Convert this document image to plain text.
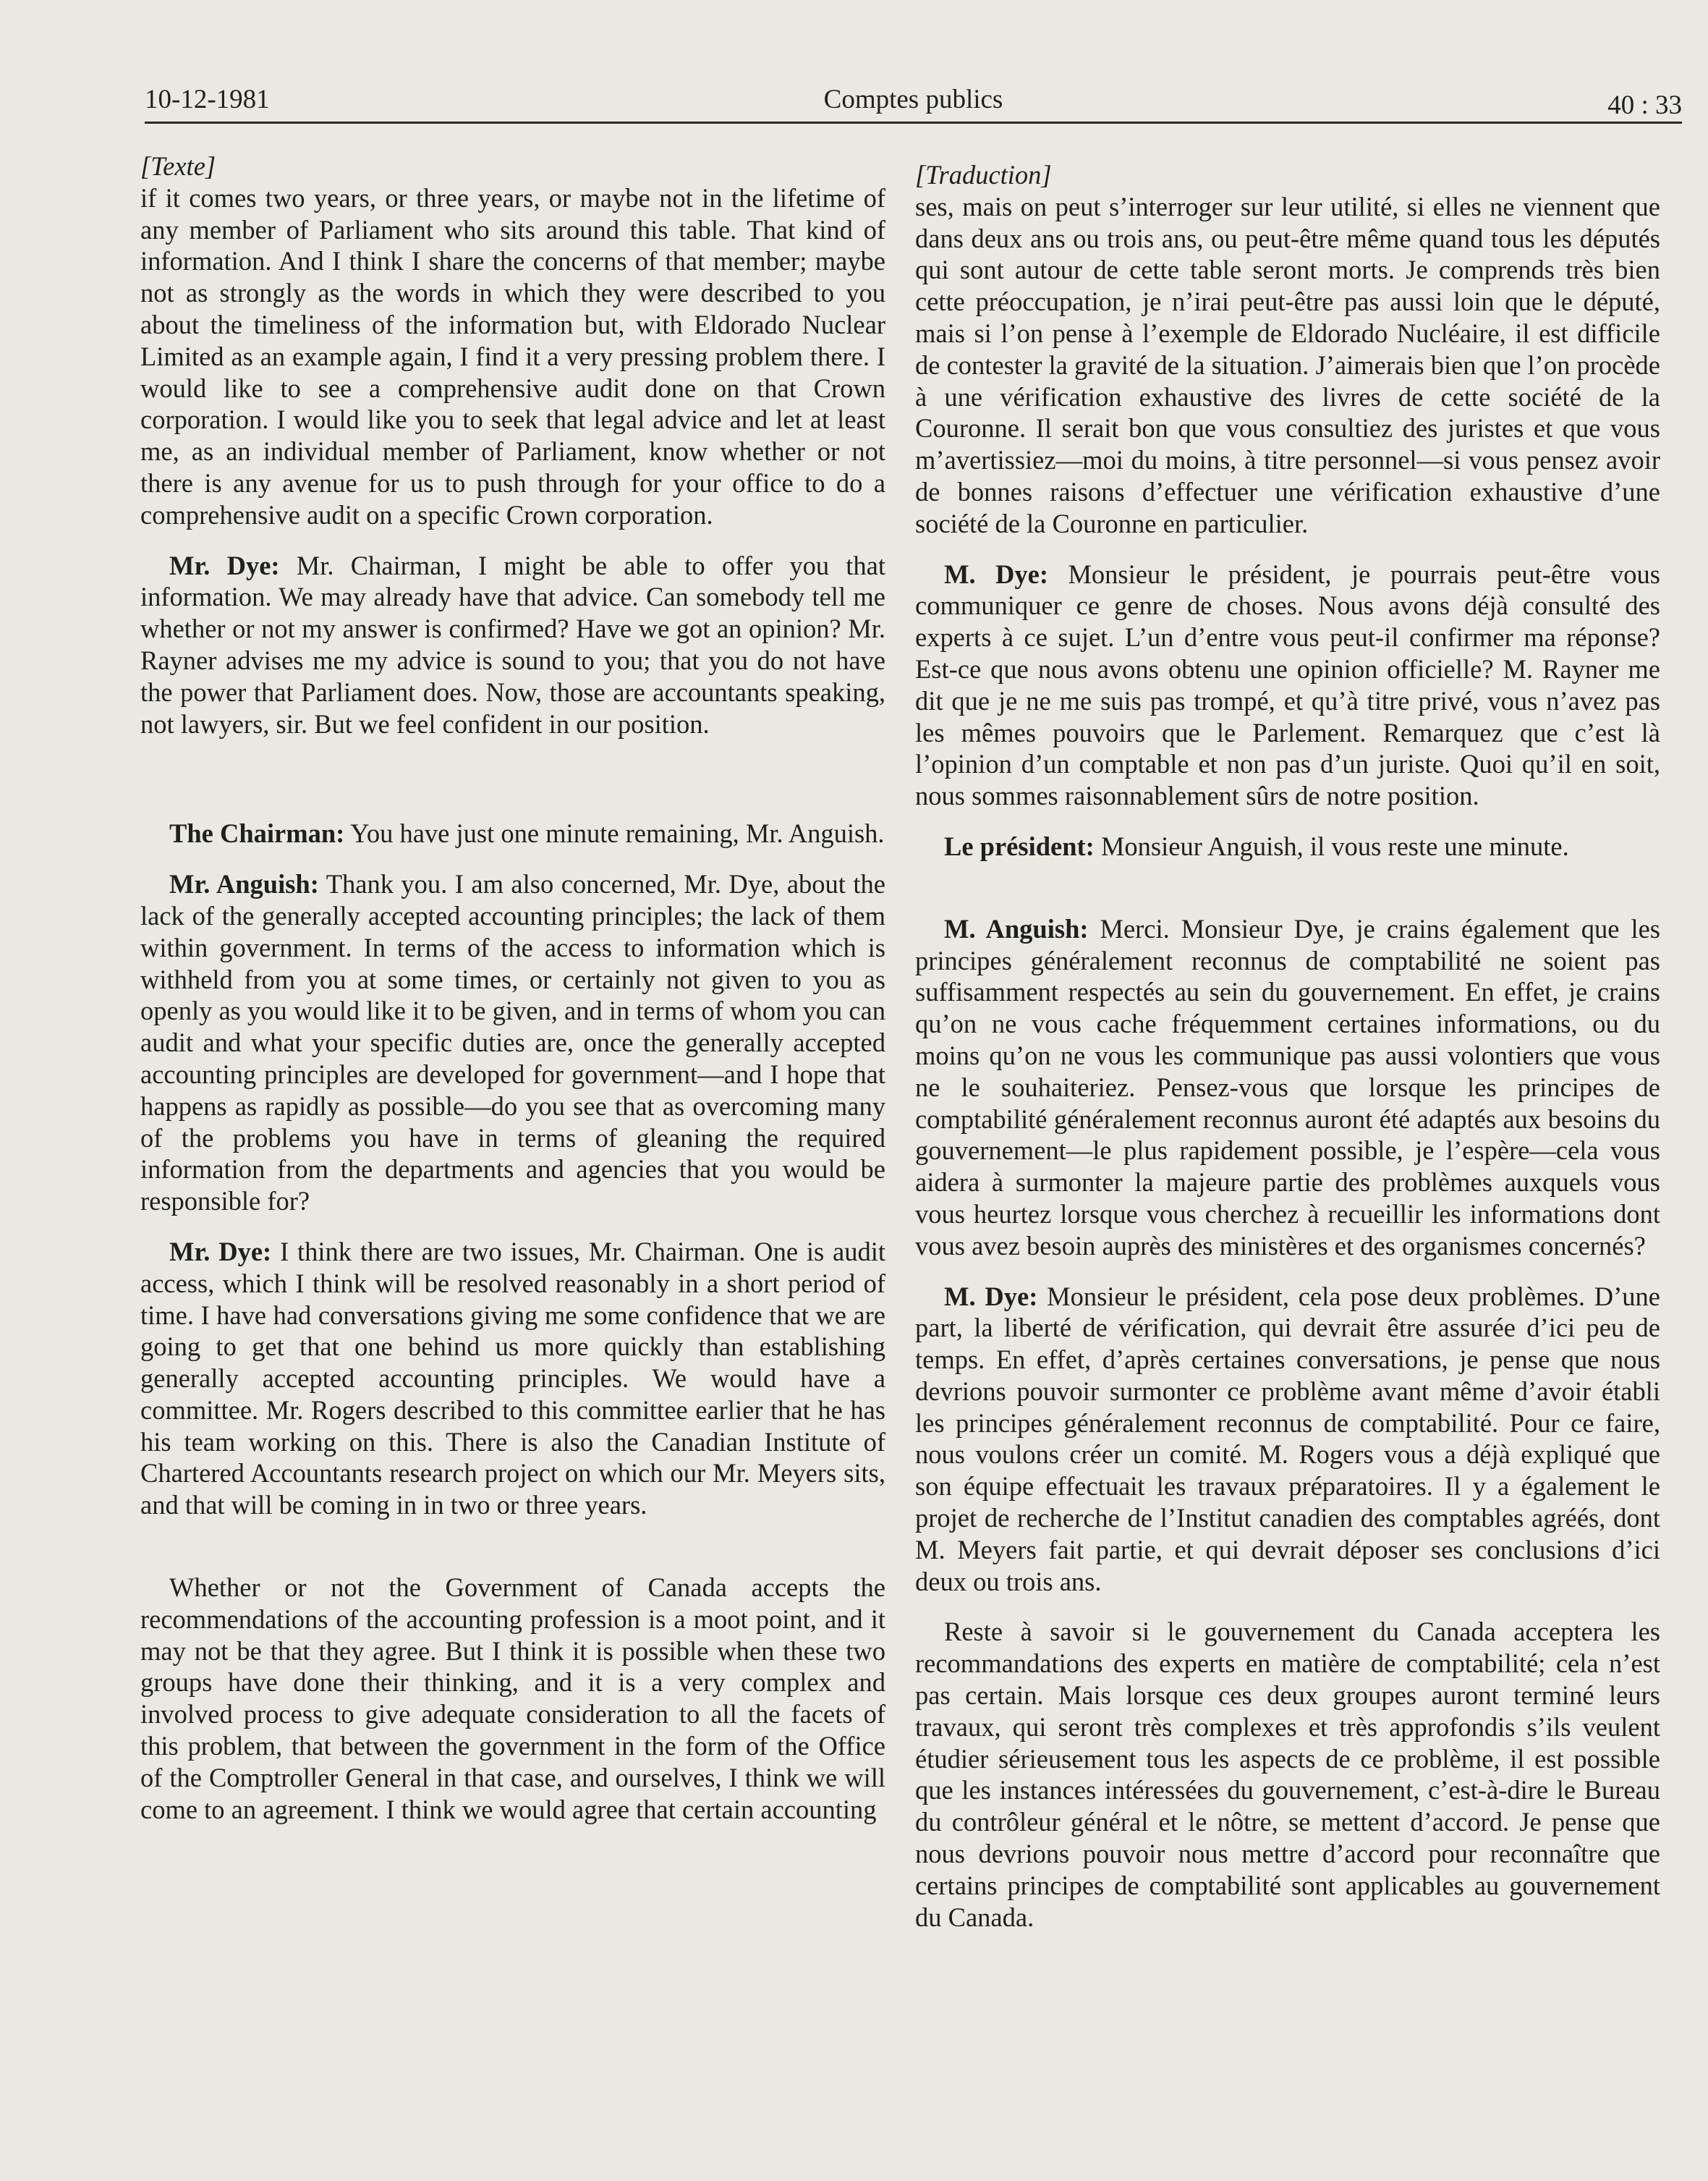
10-12-1981	Comptes publics	40 : 33
[Texte]

if it comes two years, or three years, or maybe not in the lifetime of any member of Parliament who sits around this table. That kind of information. And I think I share the concerns of that member; maybe not as strongly as the words in which they were described to you about the timeliness of the information but, with Eldorado Nuclear Limited as an example again, I find it a very pressing problem there. I would like to see a comprehensive audit done on that Crown corporation. I would like you to seek that legal advice and let at least me, as an individual member of Parliament, know whether or not there is any avenue for us to push through for your office to do a comprehensive audit on a specific Crown corporation.

Mr. Dye: Mr. Chairman, I might be able to offer you that information. We may already have that advice. Can somebody tell me whether or not my answer is confirmed? Have we got an opinion? Mr. Rayner advises me my advice is sound to you; that you do not have the power that Parliament does. Now, those are accountants speaking, not lawyers, sir. But we feel confident in our position.

The Chairman: You have just one minute remaining, Mr. Anguish.

Mr. Anguish: Thank you. I am also concerned, Mr. Dye, about the lack of the generally accepted accounting principles; the lack of them within government. In terms of the access to information which is withheld from you at some times, or certainly not given to you as openly as you would like it to be given, and in terms of whom you can audit and what your specific duties are, once the generally accepted accounting principles are developed for government—and I hope that happens as rapidly as possible—do you see that as overcoming many of the problems you have in terms of gleaning the required information from the departments and agencies that you would be responsible for?

Mr. Dye: I think there are two issues, Mr. Chairman. One is audit access, which I think will be resolved reasonably in a short period of time. I have had conversations giving me some confidence that we are going to get that one behind us more quickly than establishing generally accepted accounting principles. We would have a committee. Mr. Rogers described to this committee earlier that he has his team working on this. There is also the Canadian Institute of Chartered Accountants research project on which our Mr. Meyers sits, and that will be coming in in two or three years.

Whether or not the Government of Canada accepts the recommendations of the accounting profession is a moot point, and it may not be that they agree. But I think it is possible when these two groups have done their thinking, and it is a very complex and involved process to give adequate consideration to all the facets of this problem, that between the government in the form of the Office of the Comptroller General in that case, and ourselves, I think we will come to an agreement. I think we would agree that certain accounting

[Traduction]

ses, mais on peut s’interroger sur leur utilité, si elles ne viennent que dans deux ans ou trois ans, ou peut-être même quand tous les députés qui sont autour de cette table seront morts. Je comprends très bien cette préoccupation, je n’irai peut-être pas aussi loin que le député, mais si l’on pense à l’exemple de Eldorado Nucléaire, il est difficile de contester la gravité de la situation. J’aimerais bien que l’on procède à une vérification exhaustive des livres de cette société de la Couronne. Il serait bon que vous consultiez des juristes et que vous m’avertissiez—moi du moins, à titre personnel—si vous pensez avoir de bonnes raisons d’effectuer une vérification exhaustive d’une société de la Couronne en particulier.

M. Dye: Monsieur le président, je pourrais peut-être vous communiquer ce genre de choses. Nous avons déjà consulté des experts à ce sujet. L’un d’entre vous peut-il confirmer ma réponse? Est-ce que nous avons obtenu une opinion officielle? M. Rayner me dit que je ne me suis pas trompé, et qu’à titre privé, vous n’avez pas les mêmes pouvoirs que le Parlement. Remarquez que c’est là l’opinion d’un comptable et non pas d’un juriste. Quoi qu’il en soit, nous sommes raisonnablement sûrs de notre position.

Le président: Monsieur Anguish, il vous reste une minute.

M. Anguish: Merci. Monsieur Dye, je crains également que les principes généralement reconnus de comptabilité ne soient pas suffisamment respectés au sein du gouvernement. En effet, je crains qu’on ne vous cache fréquemment certaines informations, ou du moins qu’on ne vous les communique pas aussi volontiers que vous ne le souhaiteriez. Pensez-vous que lorsque les principes de comptabilité généralement reconnus auront été adaptés aux besoins du gouvernement—le plus rapidement possible, je l’espère—cela vous aidera à surmonter la majeure partie des problèmes auxquels vous vous heurtez lorsque vous cherchez à recueillir les informations dont vous avez besoin auprès des ministères et des organismes concernés?

M. Dye: Monsieur le président, cela pose deux problèmes. D’une part, la liberté de vérification, qui devrait être assurée d’ici peu de temps. En effet, d’après certaines conversations, je pense que nous devrions pouvoir surmonter ce problème avant même d’avoir établi les principes généralement reconnus de comptabilité. Pour ce faire, nous voulons créer un comité. M. Rogers vous a déjà expliqué que son équipe effectuait les travaux préparatoires. Il y a également le projet de recherche de l’Institut canadien des comptables agréés, dont M. Meyers fait partie, et qui devrait déposer ses conclusions d’ici deux ou trois ans.

Reste à savoir si le gouvernement du Canada acceptera les recommandations des experts en matière de comptabilité; cela n’est pas certain. Mais lorsque ces deux groupes auront terminé leurs travaux, qui seront très complexes et très approfondis s’ils veulent étudier sérieusement tous les aspects de ce problème, il est possible que les instances intéressées du gouvernement, c’est-à-dire le Bureau du contrôleur général et le nôtre, se mettent d’accord. Je pense que nous devrions pouvoir nous mettre d’accord pour reconnaître que certains principes de comptabilité sont applicables au gouvernement du Canada.
